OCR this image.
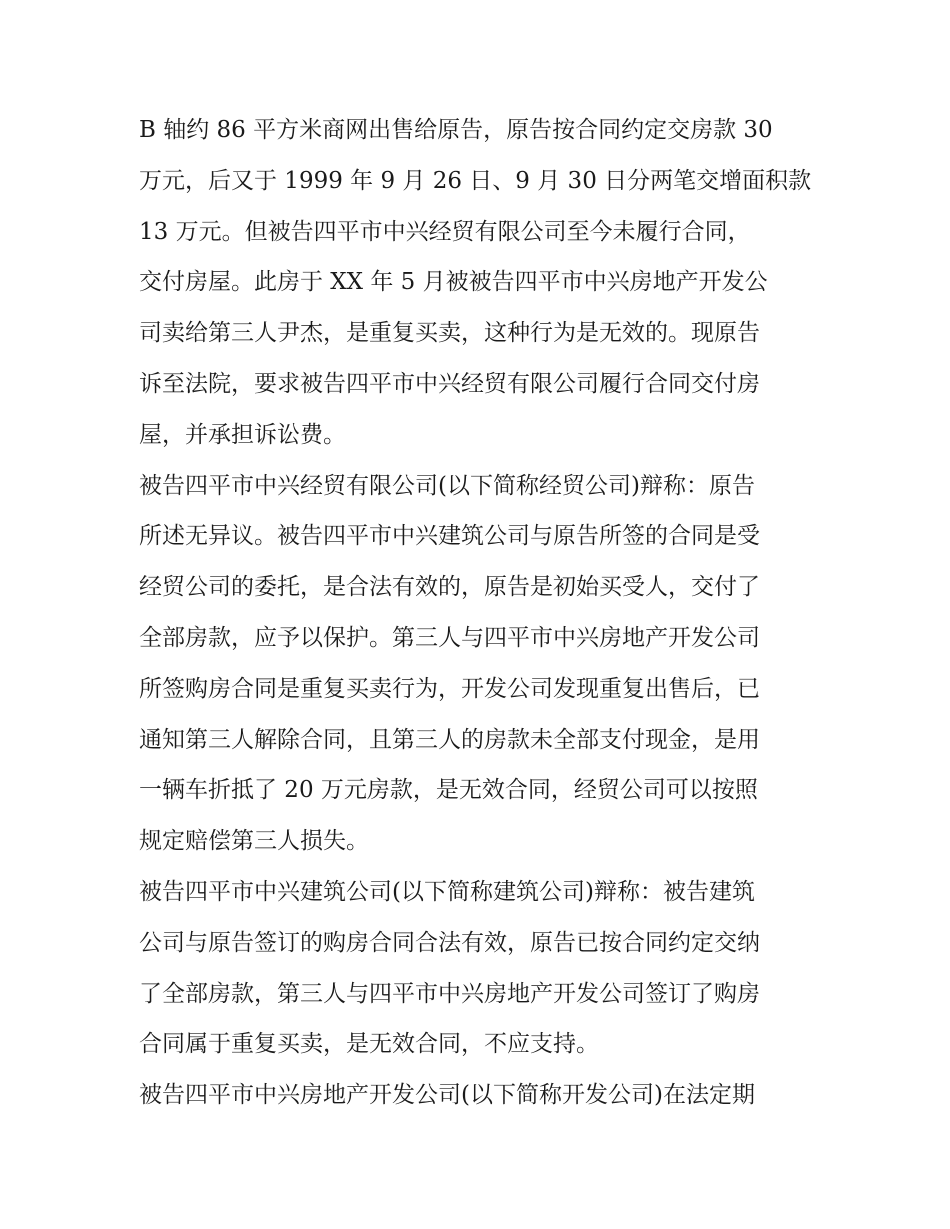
B 轴约 86 平方米商网出售给原告，原告按合同约定交房款 30
万元，后又于 1999 年 9 月 26 日、9 月 30 日分两笔交增面积款
13 万元。但被告四平市中兴经贸有限公司至今未履行合同，
交付房屋。此房于 XX 年 5 月被被告四平市中兴房地产开发公
司卖给第三人尹杰，是重复买卖，这种行为是无效的。现原告
诉至法院，要求被告四平市中兴经贸有限公司履行合同交付房
屋，并承担诉讼费。
被告四平市中兴经贸有限公司(以下简称经贸公司)辩称：原告
所述无异议。被告四平市中兴建筑公司与原告所签的合同是受
经贸公司的委托，是合法有效的，原告是初始买受人，交付了
全部房款，应予以保护。第三人与四平市中兴房地产开发公司
所签购房合同是重复买卖行为，开发公司发现重复出售后，已
通知第三人解除合同，且第三人的房款未全部支付现金，是用
一辆车折抵了 20 万元房款，是无效合同，经贸公司可以按照
规定赔偿第三人损失。
被告四平市中兴建筑公司(以下简称建筑公司)辩称：被告建筑
公司与原告签订的购房合同合法有效，原告已按合同约定交纳
了全部房款，第三人与四平市中兴房地产开发公司签订了购房
合同属于重复买卖，是无效合同，不应支持。
被告四平市中兴房地产开发公司(以下简称开发公司)在法定期
